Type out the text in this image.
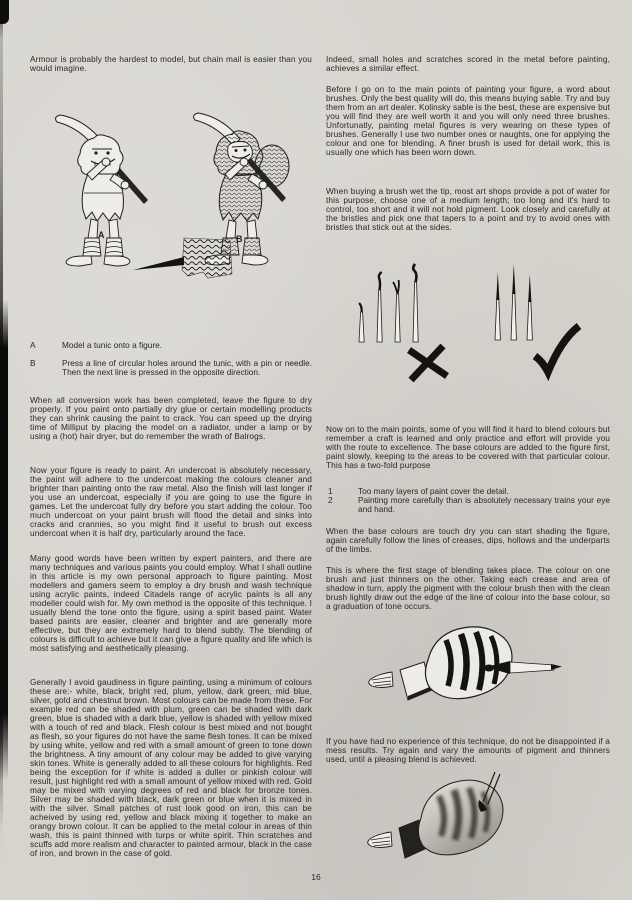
Armour is probably the hardest to model, but chain mail is easier than you would imagine.

A	B
A	Model a tunic onto a figure.
B	Press a line of circular holes around the tunic, with a pin or needle. Then the next line is pressed in the opposite direction.

When all conversion work has been completed, leave the figure to dry properly. If you paint onto partially dry glue or certain modelling products they can shrink causing the paint to crack. You can speed up the drying time of Milliput by placing the model on a radiator, under a lamp or by using a (hot) hair dryer, but do remember the wrath of Balrogs.

Now your figure is ready to paint. An undercoat is absolutely necessary, the paint will adhere to the undercoat making the colours cleaner and brighter than painting onto the raw metal. Also the finish will last longer if you use an undercoat, especially if you are going to use the figure in games. Let the undercoat fully dry before you start adding the colour. Too much undercoat on your paint brush will flood the detail and sinks into cracks and crannies, so you might find it useful to brush out excess undercoat when it is half dry, particularly around the face.

Many good words have been written by expert painters, and there are many techniques and various paints you could employ. What I shall outline in this article is my own personal approach to figure painting. Most modellers and gamers seem to employ a dry brush and wash technique using acrylic paints, indeed Citadels range of acrylic paints is all any modeller could wish for. My own method is the opposite of this technique. I usually blend the tone onto the figure, using a spirit based paint. Water based paints are easier, cleaner and brighter and are generally more effective, but they are extremely hard to blend subtly. The blending of colours is difficult to achieve but it can give a figure quality and life which is most satisfying and aesthetically pleasing.

Generally I avoid gaudiness in figure painting, using a minimum of colours these are:- white, black, bright red, plum, yellow, dark green, mid blue, silver, gold and chestnut brown. Most colours can be made from these. For example red can be shaded with plum, green can be shaded with dark green, blue is shaded with a dark blue, yellow is shaded with yellow mixed with a touch of red and black. Flesh colour is best mixed and not bought as flesh, so your figures do not have the same flesh tones. It can be mixed by using white, yellow and red with a small amount of green to tone down the brightness. A tiny amount of any colour may be added to give varying skin tones. White is generally added to all these colours for highlights. Red being the exception for if white is added a duller or pinkish colour will result, just highlight red with a small amount of yellow mixed with red. Gold may be mixed with varying degrees of red and black for bronze tones. Silver may be shaded with black, dark green or blue when it is mixed in with the silver. Small patches of rust look good on iron, this can be acheived by using red, yellow and black mixing it together to make an orangy brown colour. It can be applied to the metal colour in areas of thin wash, this is paint thinned with turps or white spirit. Thin scratches and scuffs add more realism and character to painted armour, black in the case of iron, and brown in the case of gold.

Indeed, small holes and scratches scored in the metal before painting, achieves a similar effect.

Before I go on to the main points of painting your figure, a word about brushes. Only the best quality will do, this means buying sable. Try and buy them from an art dealer. Kolinsky sable is the best, these are expensive but you will find they are well worth it and you will only need three brushes. Unfortunatly, painting metal figures is very wearing on these types of brushes. Generally I use two number ones or naughts, one for applying the colour and one for blending. A finer brush is used for detail work, this is usually one which has been worn down.

When buying a brush wet the tip, most art shops provide a pot of water for this purpose, choose one of a medium length; too long and it's hard to control, too short and it will not hold pigment. Look closely and carefully at the bristles and pick one that tapers to a point and try to avoid ones with bristles that stick out at the sides.

Now on to the main points, some of you will find it hard to blend colours but remember a craft is learned and only practice and effort will provide you with the route to excellence. The base colours are added to the figure first, paint slowly, keeping to the areas to be covered with that particular colour. This has a two-fold purpose

1	Too many layers of paint cover the detail.
2	Painting more carefully than is absolutely necessary trains your eye and hand.

When the base colours are touch dry you can start shading the figure, again carefully follow the lines of creases, dips, hollows and the underparts of the limbs.

This is where the first stage of blending takes place. The colour on one brush and just thinners on the other. Taking each crease and area of shadow in turn, apply the pigment with the colour brush then with the clean brush lightly draw out the edge of the line of colour into the base colour, so a graduation of tone occurs.

If you have had no experience of this technique, do not be disappointed if a mess results. Try again and vary the amounts of pigment and thinners used, until a pleasing blend is achieved.

16
